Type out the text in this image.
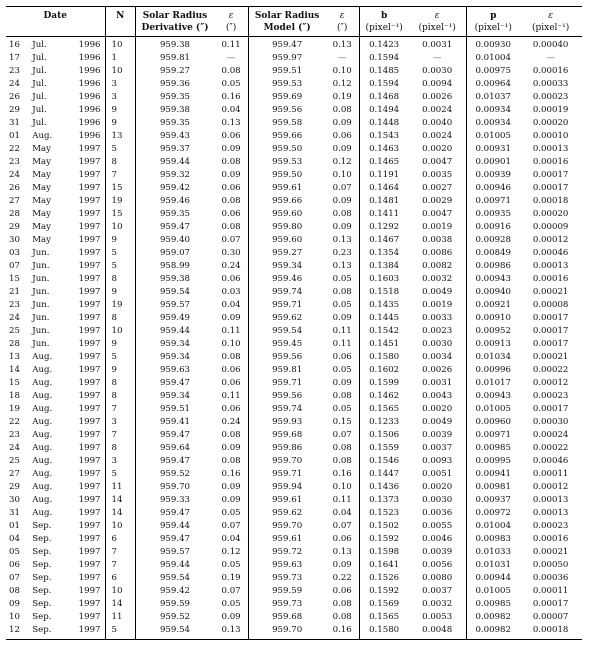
Date			N	Solar Radius	ε	Solar Radius	ε	b	ε	p	ε
				Derivative (″)	(″)	Model (″)	(″)	(pixel⁻¹)	(pixel⁻¹)	(pixel⁻¹)	(pixel⁻¹)
16	Jul.	1996	10	959.38	0.11	959.47	0.13	0.1423	0.0031	0.00930	0.00040
17	Jul.	1996	1	959.81	—	959.97	—	0.1594	—	0.01004	—
23	Jul.	1996	10	959.27	0.08	959.51	0.10	0.1485	0.0030	0.00975	0.00016
24	Jul.	1996	3	959.36	0.05	959.53	0.12	0.1594	0.0094	0.00964	0.00033
26	Jul.	1996	3	959.35	0.16	959.69	0.19	0.1468	0.0026	0.01037	0.00023
29	Jul.	1996	9	959.38	0.04	959.56	0.08	0.1494	0.0024	0.00934	0.00019
31	Jul.	1996	9	959.35	0.13	959.58	0.09	0.1448	0.0040	0.00934	0.00020
01	Aug.	1996	13	959.43	0.06	959.66	0.06	0.1543	0.0024	0.01005	0.00010
22	May	1997	5	959.37	0.09	959.50	0.09	0.1463	0.0020	0.00931	0.00013
23	May	1997	8	959.44	0.08	959.53	0.12	0.1465	0.0047	0.00901	0.00016
24	May	1997	7	959.32	0.09	959.50	0.10	0.1191	0.0035	0.00939	0.00017
26	May	1997	15	959.42	0.06	959.61	0.07	0.1464	0.0027	0.00946	0.00017
27	May	1997	19	959.46	0.08	959.66	0.09	0.1481	0.0029	0.00971	0.00018
28	May	1997	15	959.35	0.06	959.60	0.08	0.1411	0.0047	0.00935	0.00020
29	May	1997	10	959.47	0.08	959.80	0.09	0.1292	0.0019	0.00916	0.00009
30	May	1997	9	959.40	0.07	959.60	0.13	0.1467	0.0038	0.00928	0.00012
03	Jun.	1997	5	959.07	0.30	959.27	0.23	0.1354	0.0086	0.00849	0.00046
07	Jun.	1997	5	958.99	0.24	959.34	0.13	0.1384	0.0082	0.00986	0.00013
15	Jun.	1997	8	959.38	0.06	959.46	0.05	0.1603	0.0032	0.00943	0.00016
21	Jun.	1997	9	959.54	0.03	959.74	0.08	0.1518	0.0049	0.00940	0.00021
23	Jun.	1997	19	959.57	0.04	959.71	0.05	0.1435	0.0019	0.00921	0.00008
24	Jun.	1997	8	959.49	0.09	959.62	0.09	0.1445	0.0033	0.00910	0.00017
25	Jun.	1997	10	959.44	0.11	959.54	0.11	0.1542	0.0023	0.00952	0.00017
28	Jun.	1997	9	959.34	0.10	959.45	0.11	0.1451	0.0030	0.00913	0.00017
13	Aug.	1997	5	959.34	0.08	959.56	0.06	0.1580	0.0034	0.01034	0.00021
14	Aug.	1997	9	959.63	0.06	959.81	0.05	0.1602	0.0026	0.00996	0.00022
15	Aug.	1997	8	959.47	0.06	959.71	0.09	0.1599	0.0031	0.01017	0.00012
18	Aug.	1997	8	959.34	0.11	959.56	0.08	0.1462	0.0043	0.00943	0.00023
19	Aug.	1997	7	959.51	0.06	959.74	0.05	0.1565	0.0020	0.01005	0.00017
22	Aug.	1997	3	959.41	0.24	959.93	0.15	0.1233	0.0049	0.00960	0.00030
23	Aug.	1997	7	959.47	0.08	959.68	0.07	0.1506	0.0039	0.00971	0.00024
24	Aug.	1997	8	959.64	0.09	959.86	0.08	0.1559	0.0037	0.00985	0.00022
25	Aug.	1997	3	959.47	0.08	959.70	0.08	0.1546	0.0093	0.00995	0.00046
27	Aug.	1997	5	959.52	0.16	959.71	0.16	0.1447	0.0051	0.00941	0.00011
29	Aug.	1997	11	959.70	0.09	959.94	0.10	0.1436	0.0020	0.00981	0.00012
30	Aug.	1997	14	959.33	0.09	959.61	0.11	0.1373	0.0030	0.00937	0.00013
31	Aug.	1997	14	959.47	0.05	959.62	0.04	0.1523	0.0036	0.00972	0.00013
01	Sep.	1997	10	959.44	0.07	959.70	0.07	0.1502	0.0055	0.01004	0.00023
04	Sep.	1997	6	959.47	0.04	959.61	0.06	0.1592	0.0046	0.00983	0.00016
05	Sep.	1997	7	959.57	0.12	959.72	0.13	0.1598	0.0039	0.01033	0.00021
06	Sep.	1997	7	959.44	0.05	959.63	0.09	0.1641	0.0056	0.01031	0.00050
07	Sep.	1997	6	959.54	0.19	959.73	0.22	0.1526	0.0080	0.00944	0.00036
08	Sep.	1997	10	959.42	0.07	959.59	0.06	0.1592	0.0037	0.01005	0.00011
09	Sep.	1997	14	959.59	0.05	959.73	0.08	0.1569	0.0032	0.00985	0.00017
10	Sep.	1997	11	959.52	0.09	959.68	0.08	0.1565	0.0053	0.00982	0.00007
12	Sep.	1997	5	959.54	0.13	959.70	0.16	0.1580	0.0048	0.00982	0.00018
